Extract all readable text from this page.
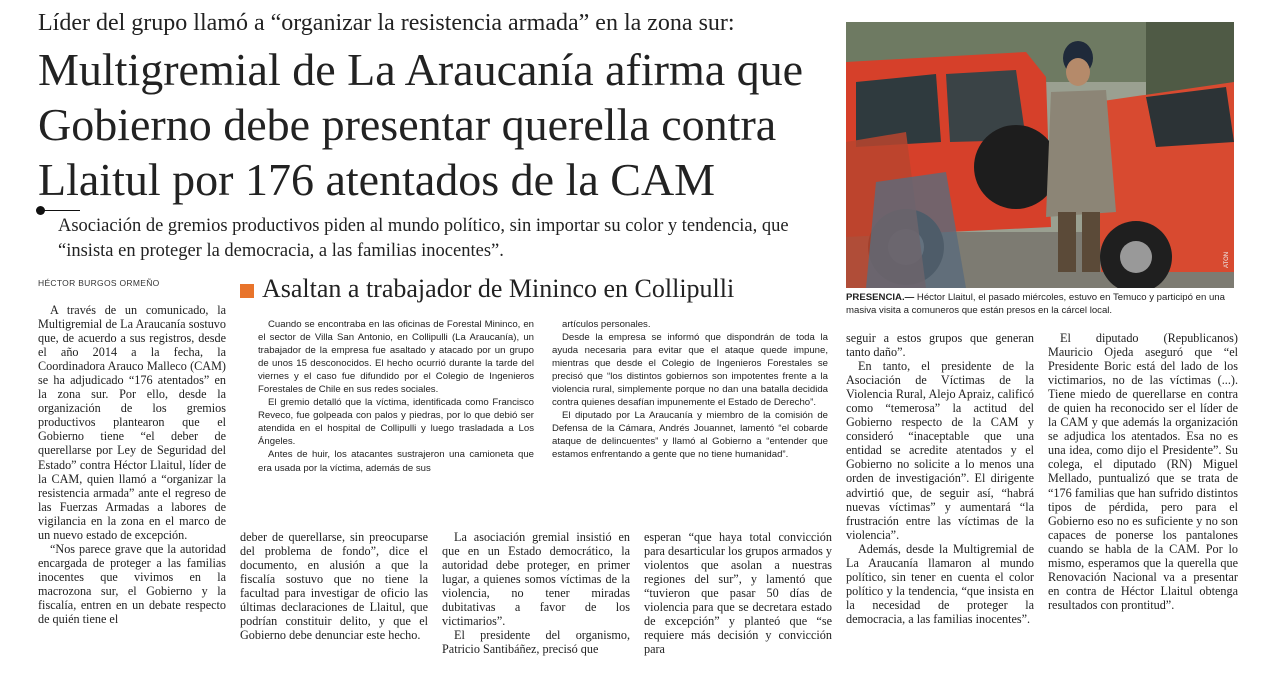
Líder del grupo llamó a “organizar la resistencia armada” en la zona sur:
Multigremial de La Araucanía afirma que Gobierno debe presentar querella contra Llaitul por 176 atentados de la CAM
Asociación de gremios productivos piden al mundo político, sin importar su color y tendencia, que “insista en proteger la democracia, a las familias inocentes”.
HÉCTOR BURGOS ORMEÑO

A través de un comunicado, la Multigremial de La Araucanía sostuvo que, de acuerdo a sus registros, desde el año 2014 a la fecha, la Coordinadora Arauco Malleco (CAM) se ha adjudicado “176 atentados” en la zona sur. Por ello, desde la organización de los gremios productivos plantearon que el Gobierno tiene “el deber de querellarse por Ley de Seguridad del Estado” contra Héctor Llaitul, líder de la CAM, quien llamó a “organizar la resistencia armada” ante el regreso de las Fuerzas Armadas a labores de vigilancia en la zona en el marco de un nuevo estado de excepción.

“Nos parece grave que la autoridad encargada de proteger a las familias inocentes que vivimos en la macrozona sur, el Gobierno y la fiscalía, entren en un debate respecto de quién tiene el

Asaltan a trabajador de Mininco en Collipulli

Cuando se encontraba en las oficinas de Forestal Mininco, en el sector de Villa San Antonio, en Collipulli (La Araucanía), un trabajador de la empresa fue asaltado y atacado por un grupo de unos 15 desconocidos. El hecho ocurrió durante la tarde del viernes y el caso fue difundido por el Colegio de Ingenieros Forestales de Chile en sus redes sociales.

El gremio detalló que la víctima, identificada como Francisco Reveco, fue golpeada con palos y piedras, por lo que debió ser atendida en el hospital de Collipulli y luego trasladada a Los Ángeles.

Antes de huir, los atacantes sustrajeron una camioneta que era usada por la víctima, además de sus

artículos personales.

Desde la empresa se informó que dispondrán de toda la ayuda necesaria para evitar que el ataque quede impune, mientras que desde el Colegio de Ingenieros Forestales se precisó que “los distintos gobiernos son impotentes frente a la violencia rural, simplemente porque no dan una batalla decidida contra quienes desafían impunemente el Estado de Derecho”.

El diputado por La Araucanía y miembro de la comisión de Defensa de la Cámara, Andrés Jouannet, lamentó “el cobarde ataque de delincuentes” y llamó al Gobierno a “entender que estamos enfrentando a gente que no tiene humanidad”.

deber de querellarse, sin preocuparse del problema de fondo”, dice el documento, en alusión a que la fiscalía sostuvo que no tiene la facultad para investigar de oficio las últimas declaraciones de Llaitul, que podrían constituir delito, y que el Gobierno debe denunciar este hecho.

La asociación gremial insistió en que en un Estado democrático, la autoridad debe proteger, en primer lugar, a quienes somos víctimas de la violencia, no tener miradas dubitativas a favor de los victimarios”.

El presidente del organismo, Patricio Santibáñez, precisó que

esperan “que haya total convicción para desarticular los grupos armados y violentos que asolan a nuestras regiones del sur”, y lamentó que “tuvieron que pasar 50 días de violencia para que se decretara estado de excepción” y planteó que “se requiere más decisión y convicción para

ATON
PRESENCIA.— Héctor Llaitul, el pasado miércoles, estuvo en Temuco y participó en una masiva visita a comuneros que están presos en la cárcel local.

seguir a estos grupos que generan tanto daño”.

En tanto, el presidente de la Asociación de Víctimas de la Violencia Rural, Alejo Apraiz, calificó como “temerosa” la actitud del Gobierno respecto de la CAM y consideró “inaceptable que una entidad se acredite atentados y el Gobierno no solicite a lo menos una orden de investigación”. El dirigente advirtió que, de seguir así, “habrá nuevas víctimas” y aumentará “la frustración entre las víctimas de la violencia”.

Además, desde la Multigremial de La Araucanía llamaron al mundo político, sin tener en cuenta el color político y la tendencia, “que insista en la necesidad de proteger la democracia, a las familias inocentes”.

El diputado (Republicanos) Mauricio Ojeda aseguró que “el Presidente Boric está del lado de los victimarios, no de las víctimas (...). Tiene miedo de querellarse en contra de quien ha reconocido ser el líder de la CAM y que además la organización se adjudica los atentados. Esa no es una idea, como dijo el Presidente”. Su colega, el diputado (RN) Miguel Mellado, puntualizó que se trata de “176 familias que han sufrido distintos tipos de pérdida, pero para el Gobierno eso no es suficiente y no son capaces de ponerse los pantalones cuando se habla de la CAM. Por lo mismo, esperamos que la querella que Renovación Nacional va a presentar en contra de Héctor Llaitul obtenga resultados con prontitud”.
